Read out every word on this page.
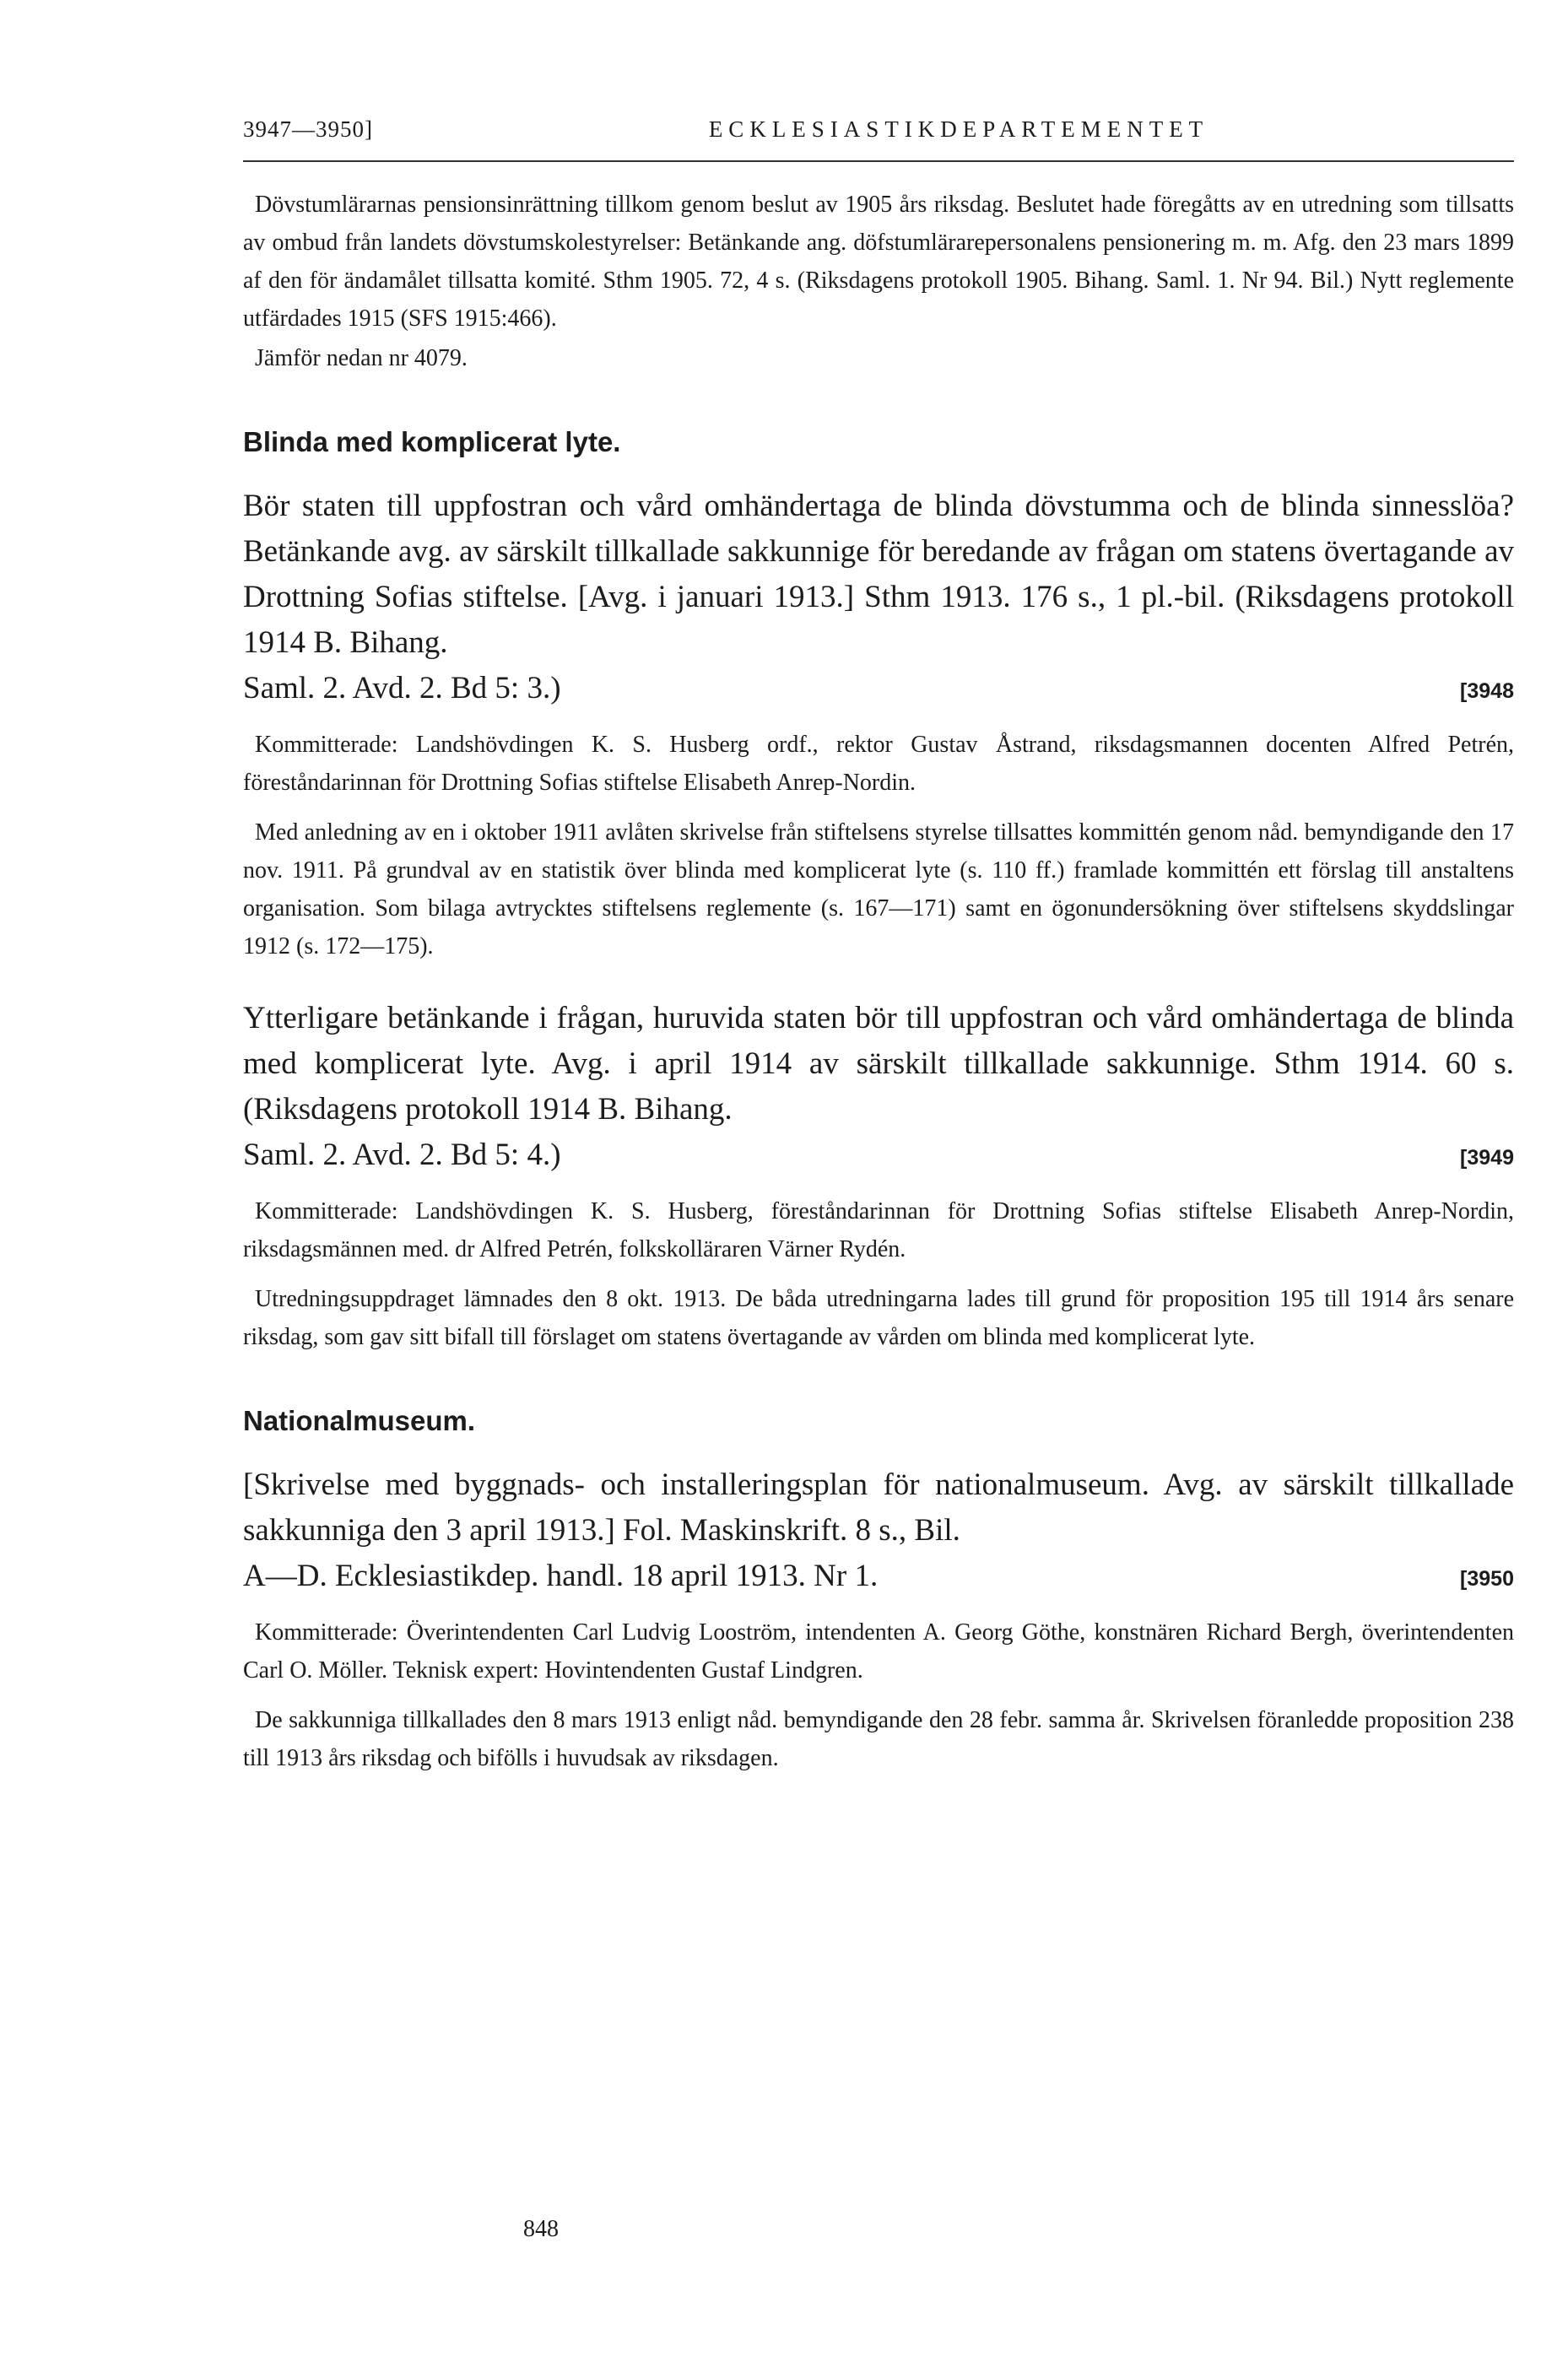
3947—3950]	ECKLESIASTIKDEPARTEMENTET

Dövstumlärarnas pensionsinrättning tillkom genom beslut av 1905 års riksdag. Beslutet hade föregåtts av en utredning som tillsatts av ombud från landets dövstumskolestyrelser: Betänkande ang. döfstumlärarepersonalens pensionering m. m. Afg. den 23 mars 1899 af den för ändamålet tillsatta komité. Sthm 1905. 72, 4 s. (Riksdagens protokoll 1905. Bihang. Saml. 1. Nr 94. Bil.) Nytt reglemente utfärdades 1915 (SFS 1915:466).

Jämför nedan nr 4079.

Blinda med komplicerat lyte.

Bör staten till uppfostran och vård omhändertaga de blinda dövstumma och de blinda sinnesslöa? Betänkande avg. av särskilt tillkallade sakkunnige för beredande av frågan om statens övertagande av Drottning Sofias stiftelse. [Avg. i januari 1913.] Sthm 1913. 176 s., 1 pl.-bil. (Riksdagens protokoll 1914 B. Bihang.

Saml. 2. Avd. 2. Bd 5: 3.)	[3948

Kommitterade: Landshövdingen K. S. Husberg ordf., rektor Gustav Åstrand, riksdagsmannen docenten Alfred Petrén, föreståndarinnan för Drottning Sofias stiftelse Elisabeth Anrep-Nordin.

Med anledning av en i oktober 1911 avlåten skrivelse från stiftelsens styrelse tillsattes kommittén genom nåd. bemyndigande den 17 nov. 1911. På grundval av en statistik över blinda med komplicerat lyte (s. 110 ff.) framlade kommittén ett förslag till anstaltens organisation. Som bilaga avtrycktes stiftelsens reglemente (s. 167—171) samt en ögonundersökning över stiftelsens skyddslingar 1912 (s. 172—175).

Ytterligare betänkande i frågan, huruvida staten bör till uppfostran och vård omhändertaga de blinda med komplicerat lyte. Avg. i april 1914 av särskilt tillkallade sakkunnige. Sthm 1914. 60 s. (Riksdagens protokoll 1914 B. Bihang.

Saml. 2. Avd. 2. Bd 5: 4.)	[3949

Kommitterade: Landshövdingen K. S. Husberg, föreståndarinnan för Drottning Sofias stiftelse Elisabeth Anrep-Nordin, riksdagsmännen med. dr Alfred Petrén, folkskolläraren Värner Rydén.

Utredningsuppdraget lämnades den 8 okt. 1913. De båda utredningarna lades till grund för proposition 195 till 1914 års senare riksdag, som gav sitt bifall till förslaget om statens övertagande av vården om blinda med komplicerat lyte.

Nationalmuseum.

[Skrivelse med byggnads- och installeringsplan för nationalmuseum. Avg. av särskilt tillkallade sakkunniga den 3 april 1913.] Fol. Maskinskrift. 8 s., Bil.

A—D. Ecklesiastikdep. handl. 18 april 1913. Nr 1.	[3950

Kommitterade: Överintendenten Carl Ludvig Looström, intendenten A. Georg Göthe, konstnären Richard Bergh, överintendenten Carl O. Möller. Teknisk expert: Hovintendenten Gustaf Lindgren.

De sakkunniga tillkallades den 8 mars 1913 enligt nåd. bemyndigande den 28 febr. samma år. Skrivelsen föranledde proposition 238 till 1913 års riksdag och bifölls i huvudsak av riksdagen.

848
